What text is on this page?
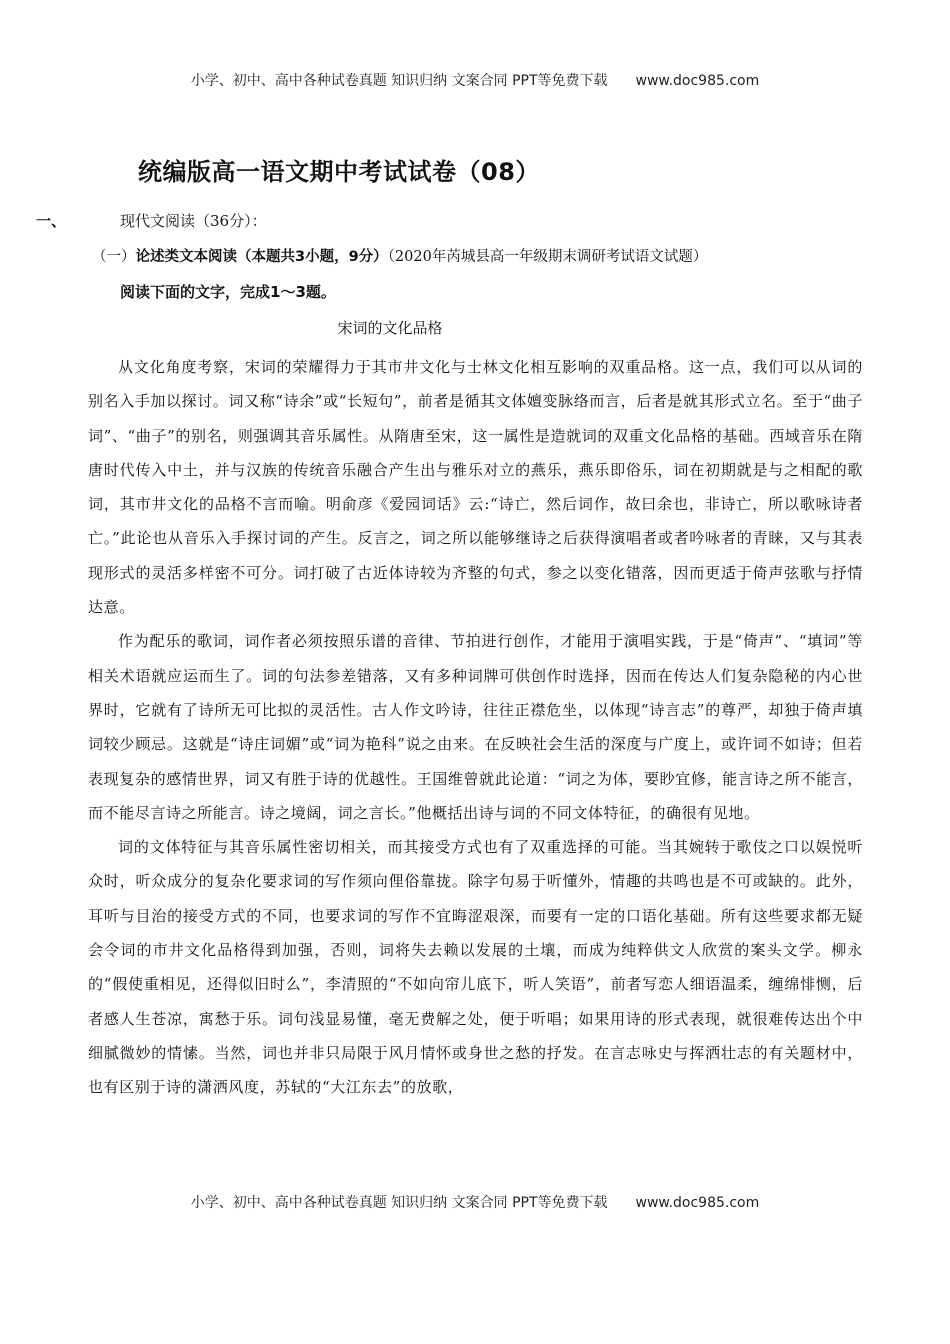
小学、初中、高中各种试卷真题 知识归纳 文案合同 PPT等免费下载 www.doc985.com
统编版高一语文期中考试试卷（08）
一、	现代文阅读（36分）：
（一）论述类文本阅读（本题共3小题，9分）（2020年芮城县高一年级期末调研考试语文试题）
阅读下面的文字，完成1～3题。
宋词的文化品格

从文化角度考察，宋词的荣耀得力于其市井文化与士林文化相互影响的双重品格。这一点，我们可以从词的别名入手加以探讨。词又称“诗余”或“长短句”，前者是循其文体嬗变脉络而言，后者是就其形式立名。至于“曲子词”、“曲子”的别名，则强调其音乐属性。从隋唐至宋，这一属性是造就词的双重文化品格的基础。西域音乐在隋唐时代传入中土，并与汉族的传统音乐融合产生出与雅乐对立的燕乐，燕乐即俗乐，词在初期就是与之相配的歌词，其市井文化的品格不言而喻。明俞彦《爱园词话》云:“诗亡，然后词作，故曰余也，非诗亡，所以歌咏诗者亡。”此论也从音乐入手探讨词的产生。反言之，词之所以能够继诗之后获得演唱者或者吟咏者的青睐，又与其表现形式的灵活多样密不可分。词打破了古近体诗较为齐整的句式，参之以变化错落，因而更适于倚声弦歌与抒情达意。

作为配乐的歌词，词作者必须按照乐谱的音律、节拍进行创作，才能用于演唱实践，于是“倚声”、“填词”等相关术语就应运而生了。词的句法参差错落，又有多种词牌可供创作时选择，因而在传达人们复杂隐秘的内心世界时，它就有了诗所无可比拟的灵活性。古人作文吟诗，往往正襟危坐，以体现“诗言志”的尊严，却独于倚声填词较少顾忌。这就是“诗庄词媚”或“词为艳科”说之由来。在反映社会生活的深度与广度上，或许词不如诗；但若表现复杂的感情世界，词又有胜于诗的优越性。王国维曾就此论道：“词之为体，要眇宜修，能言诗之所不能言，而不能尽言诗之所能言。诗之境阔，词之言长。”他概括出诗与词的不同文体特征，的确很有见地。

词的文体特征与其音乐属性密切相关，而其接受方式也有了双重选择的可能。当其婉转于歌伎之口以娱悦听众时，听众成分的复杂化要求词的写作须向俚俗靠拢。除字句易于听懂外，情趣的共鸣也是不可或缺的。此外，耳听与目治的接受方式的不同，也要求词的写作不宜晦涩艰深，而要有一定的口语化基础。所有这些要求都无疑会令词的市井文化品格得到加强，否则，词将失去赖以发展的土壤，而成为纯粹供文人欣赏的案头文学。柳永的“假使重相见，还得似旧时么”，李清照的“不如向帘儿底下，听人笑语”，前者写恋人细语温柔，缠绵悱恻，后者感人生苍凉，寓愁于乐。词句浅显易懂，毫无费解之处，便于听唱；如果用诗的形式表现，就很难传达出个中细腻微妙的情愫。当然，词也并非只局限于风月情怀或身世之愁的抒发。在言志咏史与挥洒壮志的有关题材中，也有区别于诗的潇洒风度，苏轼的“大江东去”的放歌，

小学、初中、高中各种试卷真题 知识归纳 文案合同 PPT等免费下载 www.doc985.com
